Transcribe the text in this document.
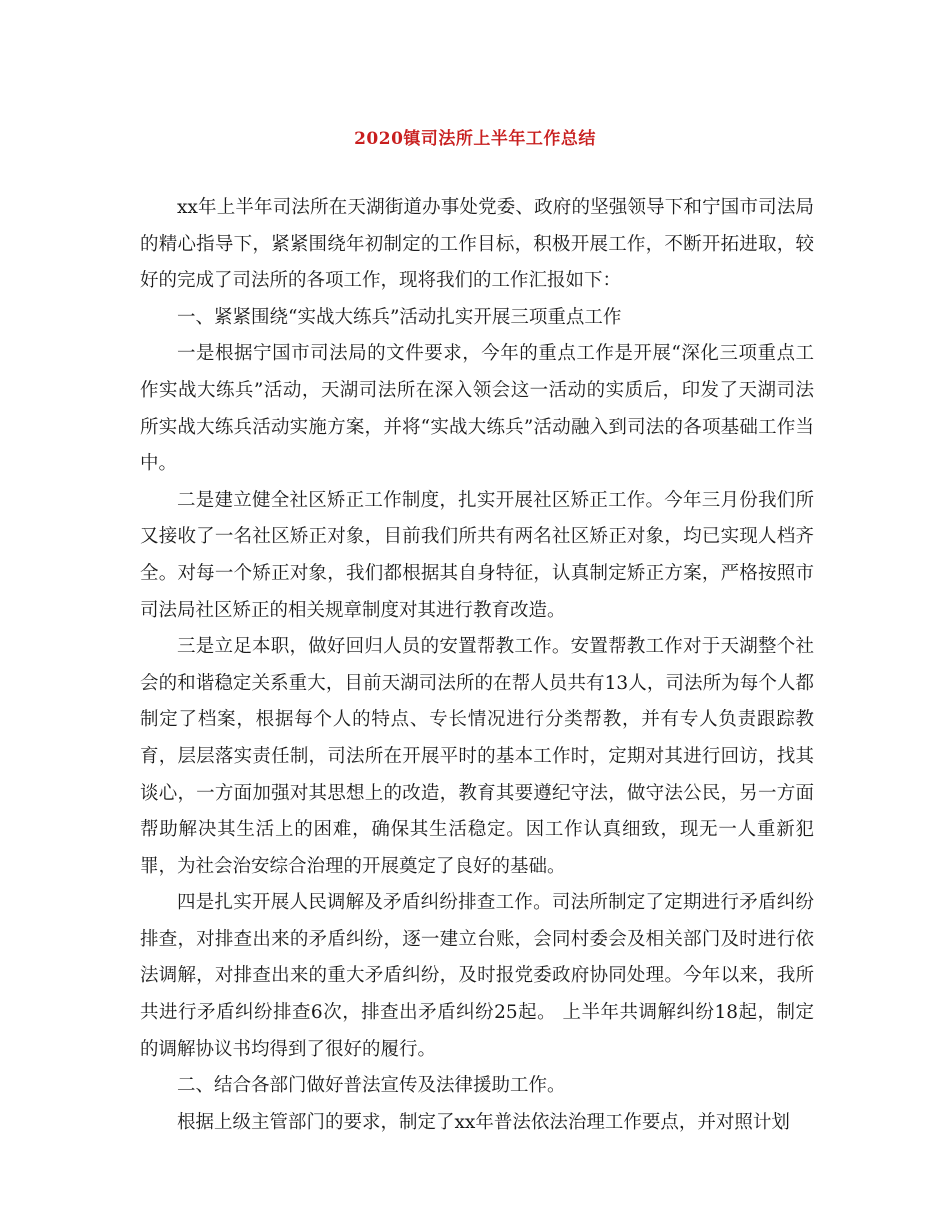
2020镇司法所上半年工作总结

xx年上半年司法所在天湖街道办事处党委、政府的坚强领导下和宁国市司法局的精心指导下，紧紧围绕年初制定的工作目标，积极开展工作，不断开拓进取，较好的完成了司法所的各项工作，现将我们的工作汇报如下：

一、紧紧围绕“实战大练兵”活动扎实开展三项重点工作

一是根据宁国市司法局的文件要求，今年的重点工作是开展“深化三项重点工作实战大练兵”活动，天湖司法所在深入领会这一活动的实质后，印发了天湖司法所实战大练兵活动实施方案，并将“实战大练兵”活动融入到司法的各项基础工作当中。

二是建立健全社区矫正工作制度，扎实开展社区矫正工作。今年三月份我们所又接收了一名社区矫正对象，目前我们所共有两名社区矫正对象，均已实现人档齐全。对每一个矫正对象，我们都根据其自身特征，认真制定矫正方案，严格按照市司法局社区矫正的相关规章制度对其进行教育改造。

三是立足本职，做好回归人员的安置帮教工作。安置帮教工作对于天湖整个社会的和谐稳定关系重大，目前天湖司法所的在帮人员共有13人，司法所为每个人都制定了档案，根据每个人的特点、专长情况进行分类帮教，并有专人负责跟踪教育，层层落实责任制，司法所在开展平时的基本工作时，定期对其进行回访，找其谈心，一方面加强对其思想上的改造，教育其要遵纪守法，做守法公民，另一方面帮助解决其生活上的困难，确保其生活稳定。因工作认真细致，现无一人重新犯罪，为社会治安综合治理的开展奠定了良好的基础。

四是扎实开展人民调解及矛盾纠纷排查工作。司法所制定了定期进行矛盾纠纷排查，对排查出来的矛盾纠纷，逐一建立台账，会同村委会及相关部门及时进行依法调解，对排查出来的重大矛盾纠纷，及时报党委政府协同处理。今年以来，我所共进行矛盾纠纷排查6次，排查出矛盾纠纷25起。 上半年共调解纠纷18起，制定的调解协议书均得到了很好的履行。

二、结合各部门做好普法宣传及法律援助工作。

根据上级主管部门的要求，制定了xx年普法依法治理工作要点，并对照计划
